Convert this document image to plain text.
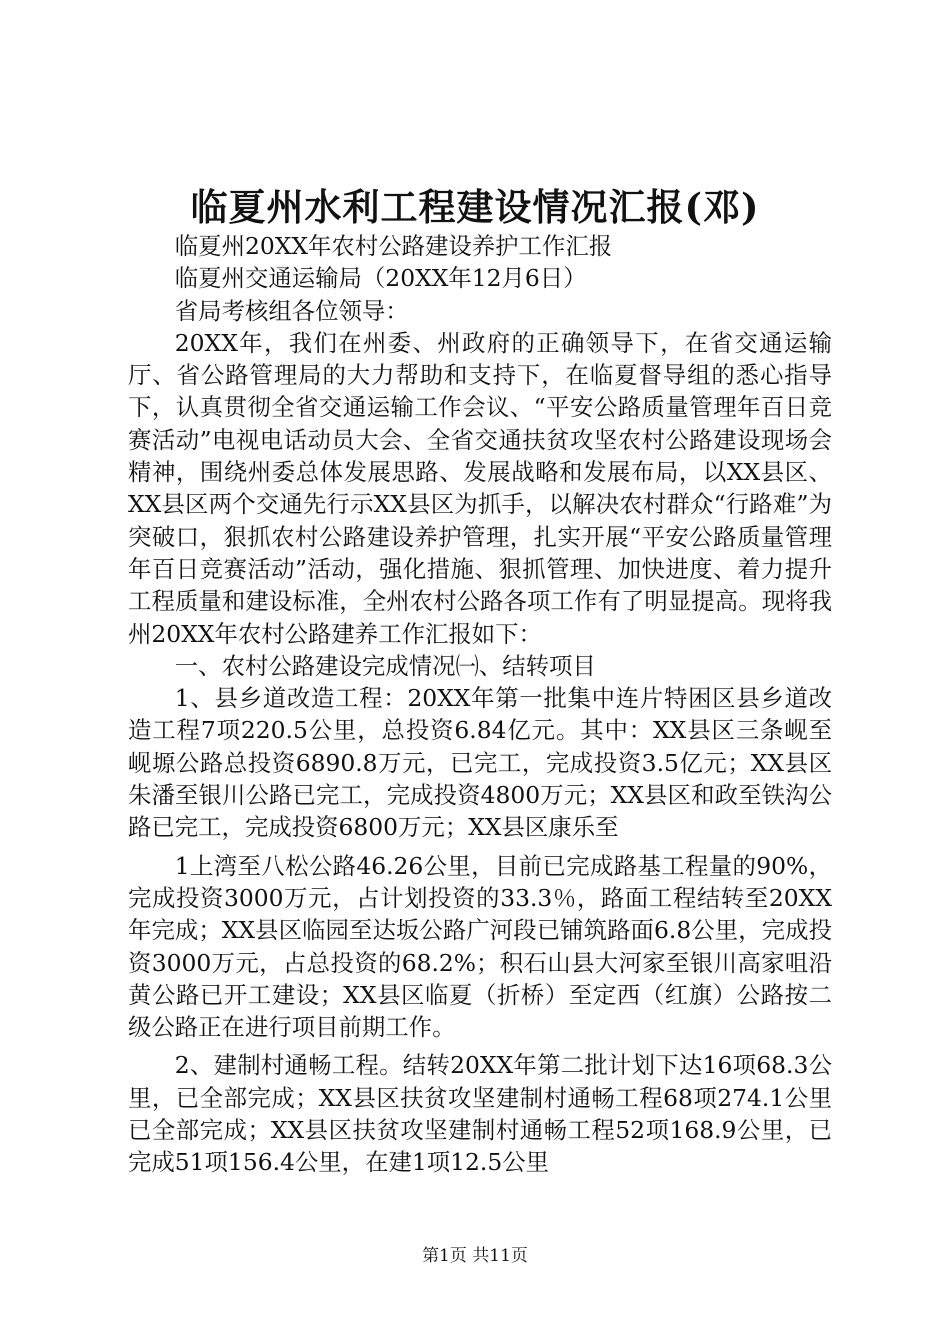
临夏州水利工程建设情况汇报(邓)

临夏州20XX年农村公路建设养护工作汇报

临夏州交通运输局（20XX年12月6日）

省局考核组各位领导：

20XX年，我们在州委、州政府的正确领导下，在省交通运输厅、省公路管理局的大力帮助和支持下，在临夏督导组的悉心指导下，认真贯彻全省交通运输工作会议、“平安公路质量管理年百日竞赛活动”电视电话动员大会、全省交通扶贫攻坚农村公路建设现场会精神，围绕州委总体发展思路、发展战略和发展布局，以XX县区、XX县区两个交通先行示XX县区为抓手，以解决农村群众“行路难”为突破口，狠抓农村公路建设养护管理，扎实开展“平安公路质量管理年百日竞赛活动”活动，强化措施、狠抓管理、加快进度、着力提升工程质量和建设标准，全州农村公路各项工作有了明显提高。现将我州20XX年农村公路建养工作汇报如下：

一、农村公路建设完成情况㈠、结转项目

1、县乡道改造工程：20XX年第一批集中连片特困区县乡道改造工程7项220.5公里，总投资6.84亿元。其中：XX县区三条岘至岘塬公路总投资6890.8万元，已完工，完成投资3.5亿元；XX县区朱潘至银川公路已完工，完成投资4800万元；XX县区和政至铁沟公路已完工，完成投资6800万元；XX县区康乐至

1上湾至八松公路46.26公里，目前已完成路基工程量的90%，完成投资3000万元，占计划投资的33.3％，路面工程结转至20XX年完成；XX县区临园至达坂公路广河段已铺筑路面6.8公里，完成投资3000万元，占总投资的68.2%；积石山县大河家至银川高家咀沿黄公路已开工建设；XX县区临夏（折桥）至定西（红旗）公路按二级公路正在进行项目前期工作。

2、建制村通畅工程。结转20XX年第二批计划下达16项68.3公里，已全部完成；XX县区扶贫攻坚建制村通畅工程68项274.1公里已全部完成；XX县区扶贫攻坚建制村通畅工程52项168.9公里，已完成51项156.4公里，在建1项12.5公里

第1页 共11页
